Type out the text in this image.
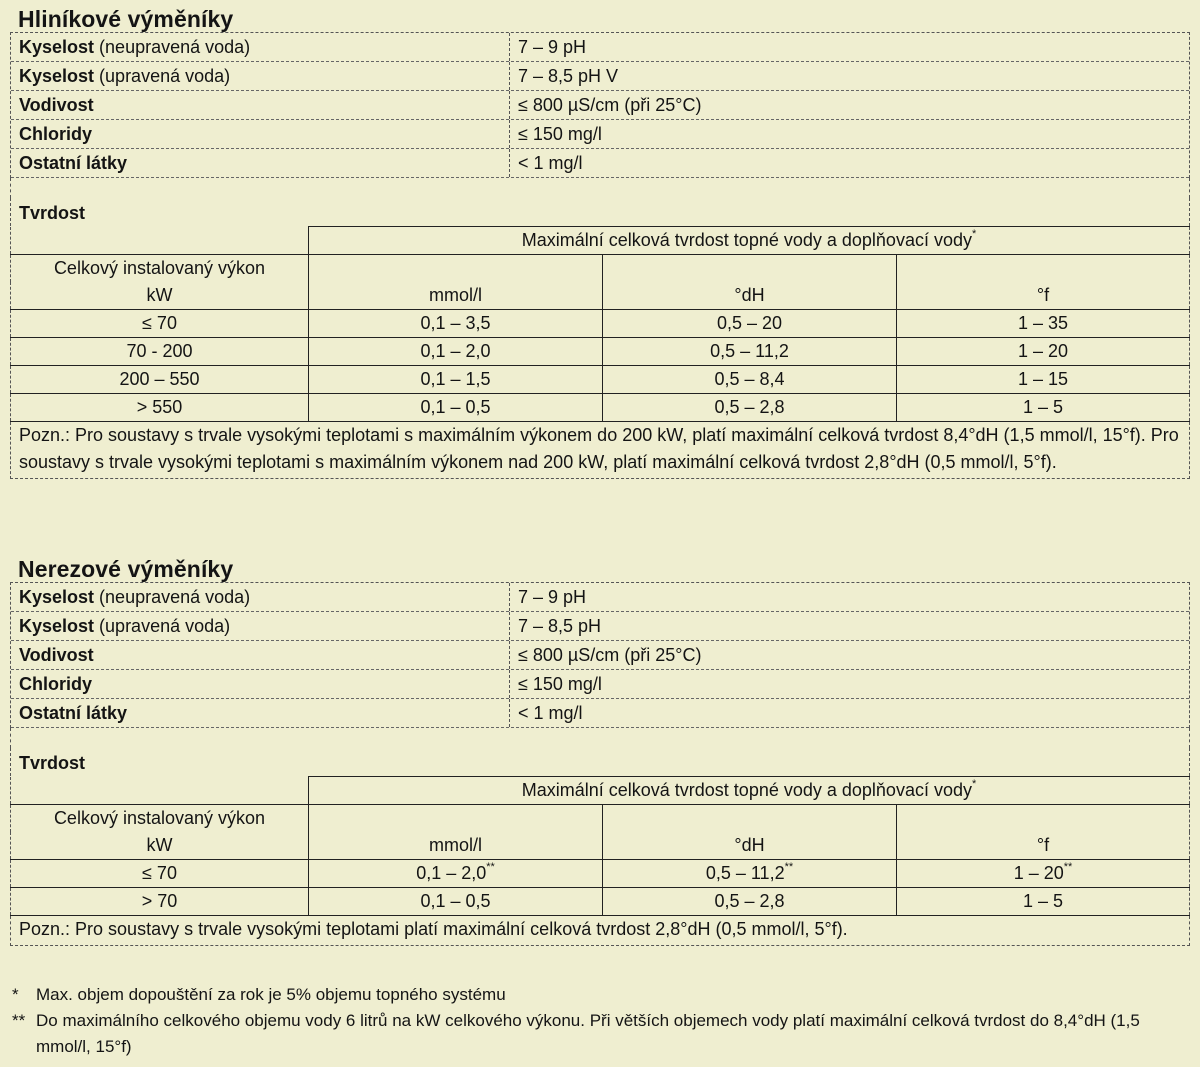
Hliníkové výměníky
Kyselost (neupravená voda)	7 – 9 pH
Kyselost (upravená voda)	7 – 8,5 pH V
Vodivost	≤ 800 µS/cm (při 25°C)
Chloridy	≤ 150 mg/l
Ostatní látky	< 1 mg/l
Tvrdost
	Maximální celková tvrdost topné vody a doplňovací vody*
Celkový instalovaný výkon	mmol/l	°dH	°f
kW			
≤ 70	0,1 – 3,5	0,5 – 20	1 – 35
70 - 200	0,1 – 2,0	0,5 – 11,2	1 – 20
200 – 550	0,1 – 1,5	0,5 – 8,4	1 – 15
> 550	0,1 – 0,5	0,5 – 2,8	1 – 5
Pozn.: Pro soustavy s trvale vysokými teplotami s maximálním výkonem do 200 kW, platí maximální celková tvrdost 8,4°dH (1,5 mmol/l, 15°f). Pro soustavy s trvale vysokými teplotami s maximálním výkonem nad 200 kW, platí maximální celková tvrdost 2,8°dH (0,5 mmol/l, 5°f).
Nerezové výměníky
Kyselost (neupravená voda)	7 – 9 pH
Kyselost (upravená voda)	7 – 8,5 pH
Vodivost	≤ 800 µS/cm (při 25°C)
Chloridy	≤ 150 mg/l
Ostatní látky	< 1 mg/l
Tvrdost
	Maximální celková tvrdost topné vody a doplňovací vody*
Celkový instalovaný výkon	mmol/l	°dH	°f
kW			
≤ 70	0,1 – 2,0**	0,5 – 11,2**	1 – 20**
> 70	0,1 – 0,5	0,5 – 2,8	1 – 5
Pozn.: Pro soustavy s trvale vysokými teplotami platí maximální celková tvrdost 2,8°dH (0,5 mmol/l, 5°f).
*	Max. objem dopouštění za rok je 5% objemu topného systému
** Do maximálního celkového objemu vody 6 litrů na kW celkového výkonu. Při větších objemech vody platí maximální celková tvrdost do 8,4°dH (1,5 mmol/l, 15°f)
